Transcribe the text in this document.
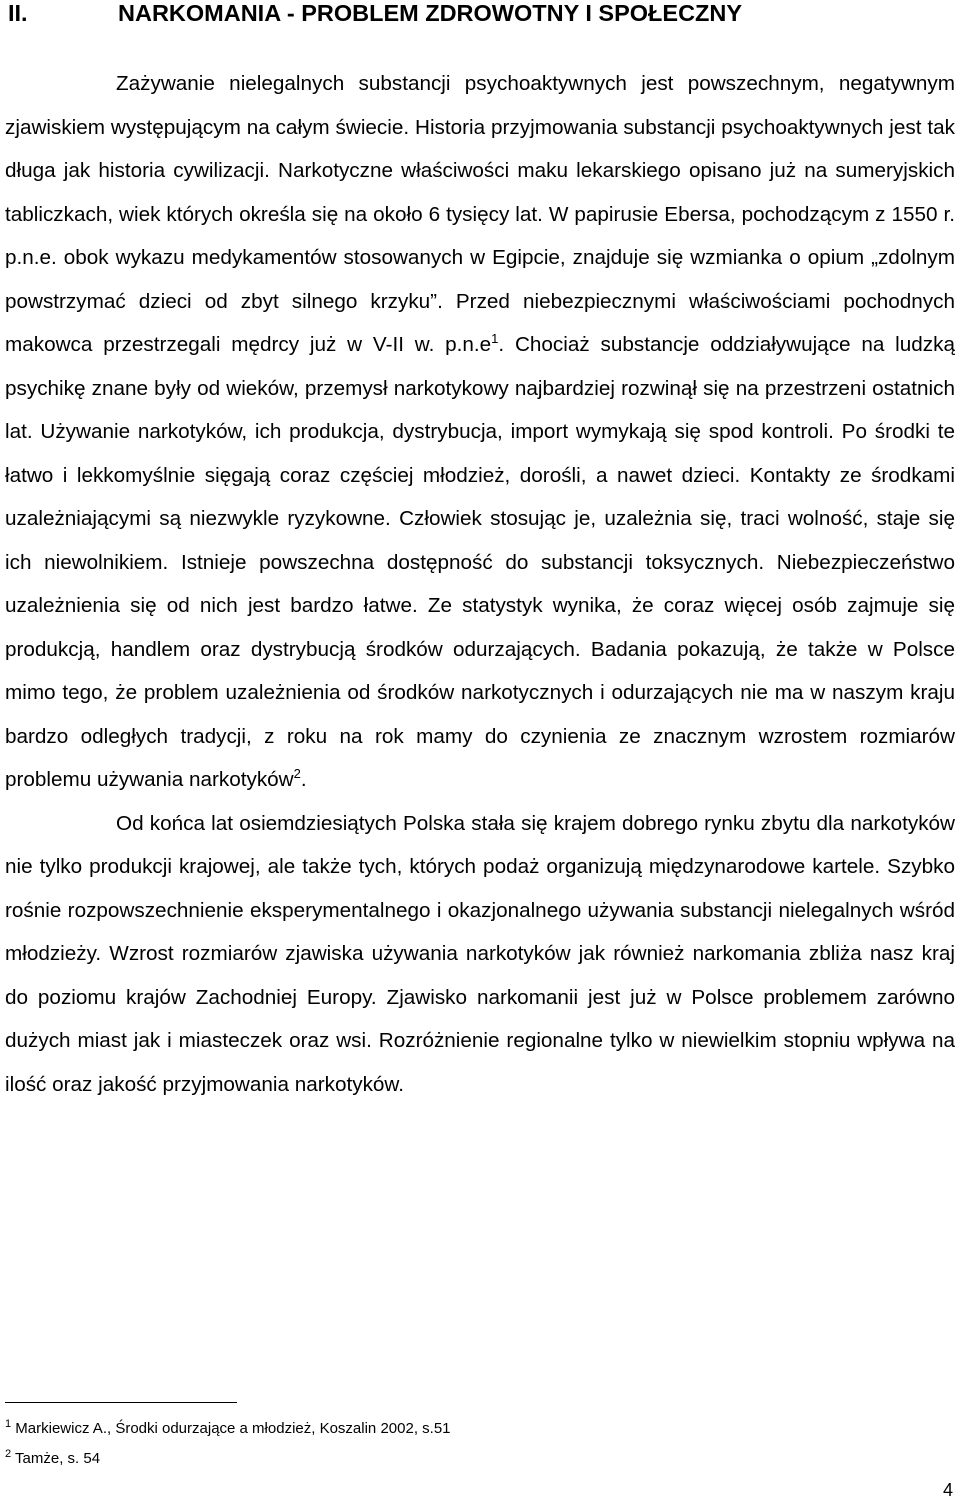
II.	NARKOMANIA - PROBLEM ZDROWOTNY I SPOŁECZNY

Zażywanie nielegalnych substancji psychoaktywnych jest powszechnym, negatywnym zjawiskiem występującym na całym świecie. Historia przyjmowania substancji psychoaktywnych jest tak długa jak historia cywilizacji. Narkotyczne właściwości maku lekarskiego opisano już na sumeryjskich tabliczkach, wiek których określa się na około 6 tysięcy lat. W papirusie Ebersa, pochodzącym z 1550 r. p.n.e. obok wykazu medykamentów stosowanych w Egipcie, znajduje się wzmianka o opium „zdolnym powstrzymać dzieci od zbyt silnego krzyku”. Przed niebezpiecznymi właściwościami pochodnych makowca przestrzegali mędrcy już w V-II w. $p.n.e^1$. Chociaż substancje oddziaływujące na ludzką psychikę znane były od wieków, przemysł narkotykowy najbardziej rozwinął się na przestrzeni ostatnich lat. Używanie narkotyków, ich produkcja, dystrybucja, import wymykają się spod kontroli. Po środki te łatwo i lekkomyślnie sięgają coraz częściej młodzież, dorośli, a nawet dzieci. Kontakty ze środkami uzależniającymi są niezwykle ryzykowne. Człowiek stosując je, uzależnia się, traci wolność, staje się ich niewolnikiem. Istnieje powszechna dostępność do substancji toksycznych. Niebezpieczeństwo uzależnienia się od nich jest bardzo łatwe. Ze statystyk wynika, że coraz więcej osób zajmuje się produkcją, handlem oraz dystrybucją środków odurzających. Badania pokazują, że także w Polsce mimo tego, że problem uzależnienia od środków narkotycznych i odurzających nie ma w naszym kraju bardzo odległych tradycji, z roku na rok mamy do czynienia ze znacznym wzrostem rozmiarów problemu używania narkotyków$^2$.

Od końca lat osiemdziesiątych Polska stała się krajem dobrego rynku zbytu dla narkotyków nie tylko produkcji krajowej, ale także tych, których podaż organizują międzynarodowe kartele. Szybko rośnie rozpowszechnienie eksperymentalnego i okazjonalnego używania substancji nielegalnych wśród młodzieży. Wzrost rozmiarów zjawiska używania narkotyków jak również narkomania zbliża nasz kraj do poziomu krajów Zachodniej Europy. Zjawisko narkomanii jest już w Polsce problemem zarówno dużych miast jak i miasteczek oraz wsi. Rozróżnienie regionalne tylko w niewielkim stopniu wpływa na ilość oraz jakość przyjmowania narkotyków.

$^1$ Markiewicz A., Środki odurzające a młodzież, Koszalin 2002, s.51
$^2$ Tamże, s. 54
4
